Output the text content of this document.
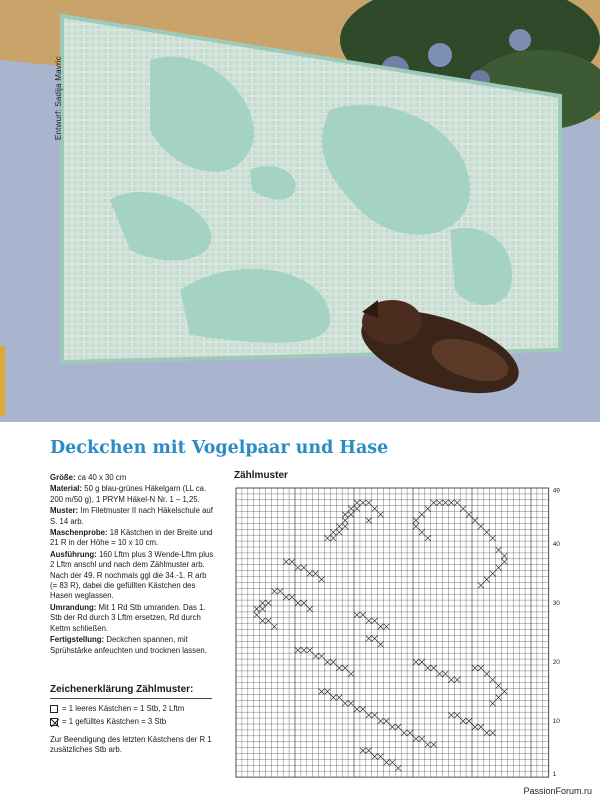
Entwurf: Sadija Mavric
Deckchen mit Vogelpaar und Hase

Größe: ca 40 x 30 cm

Material: 50 g blau-grünes Häkelgarn (LL ca. 200 m/50 g), 1 PRYM Häkel-N Nr. 1 – 1,25.

Muster: Im Filetmuster II nach Häkelschule auf S. 14 arb.

Maschenprobe: 18 Kästchen in der Breite und 21 R in der Höhe = 10 x 10 cm.

Ausführung: 160 Lftm plus 3 Wende-Lftm plus 2 Lftm anschl und nach dem Zählmuster arb. Nach der 49. R nochmals ggl die 34.-1. R arb (= 83 R), dabei die gefüllten Kästchen des Hasen weglassen.

Umrandung: Mit 1 Rd Stb umranden. Das 1. Stb der Rd durch 3 Lftm ersetzen, Rd durch Kettm schließen.

Fertigstellung: Deckchen spannen, mit Sprühstärke anfeuchten und trocknen lassen.

Zeichenerklärung Zählmuster:
= 1 leeres Kästchen = 1 Stb, 2 Lftm
= 1 gefülltes Kästchen = 3 Stb
Zur Beendigung des letzten Kästchens der R 1 zusätzliches Stb arb.
Zählmuster
1
10
20
30
40
49
PassionForum.ru
